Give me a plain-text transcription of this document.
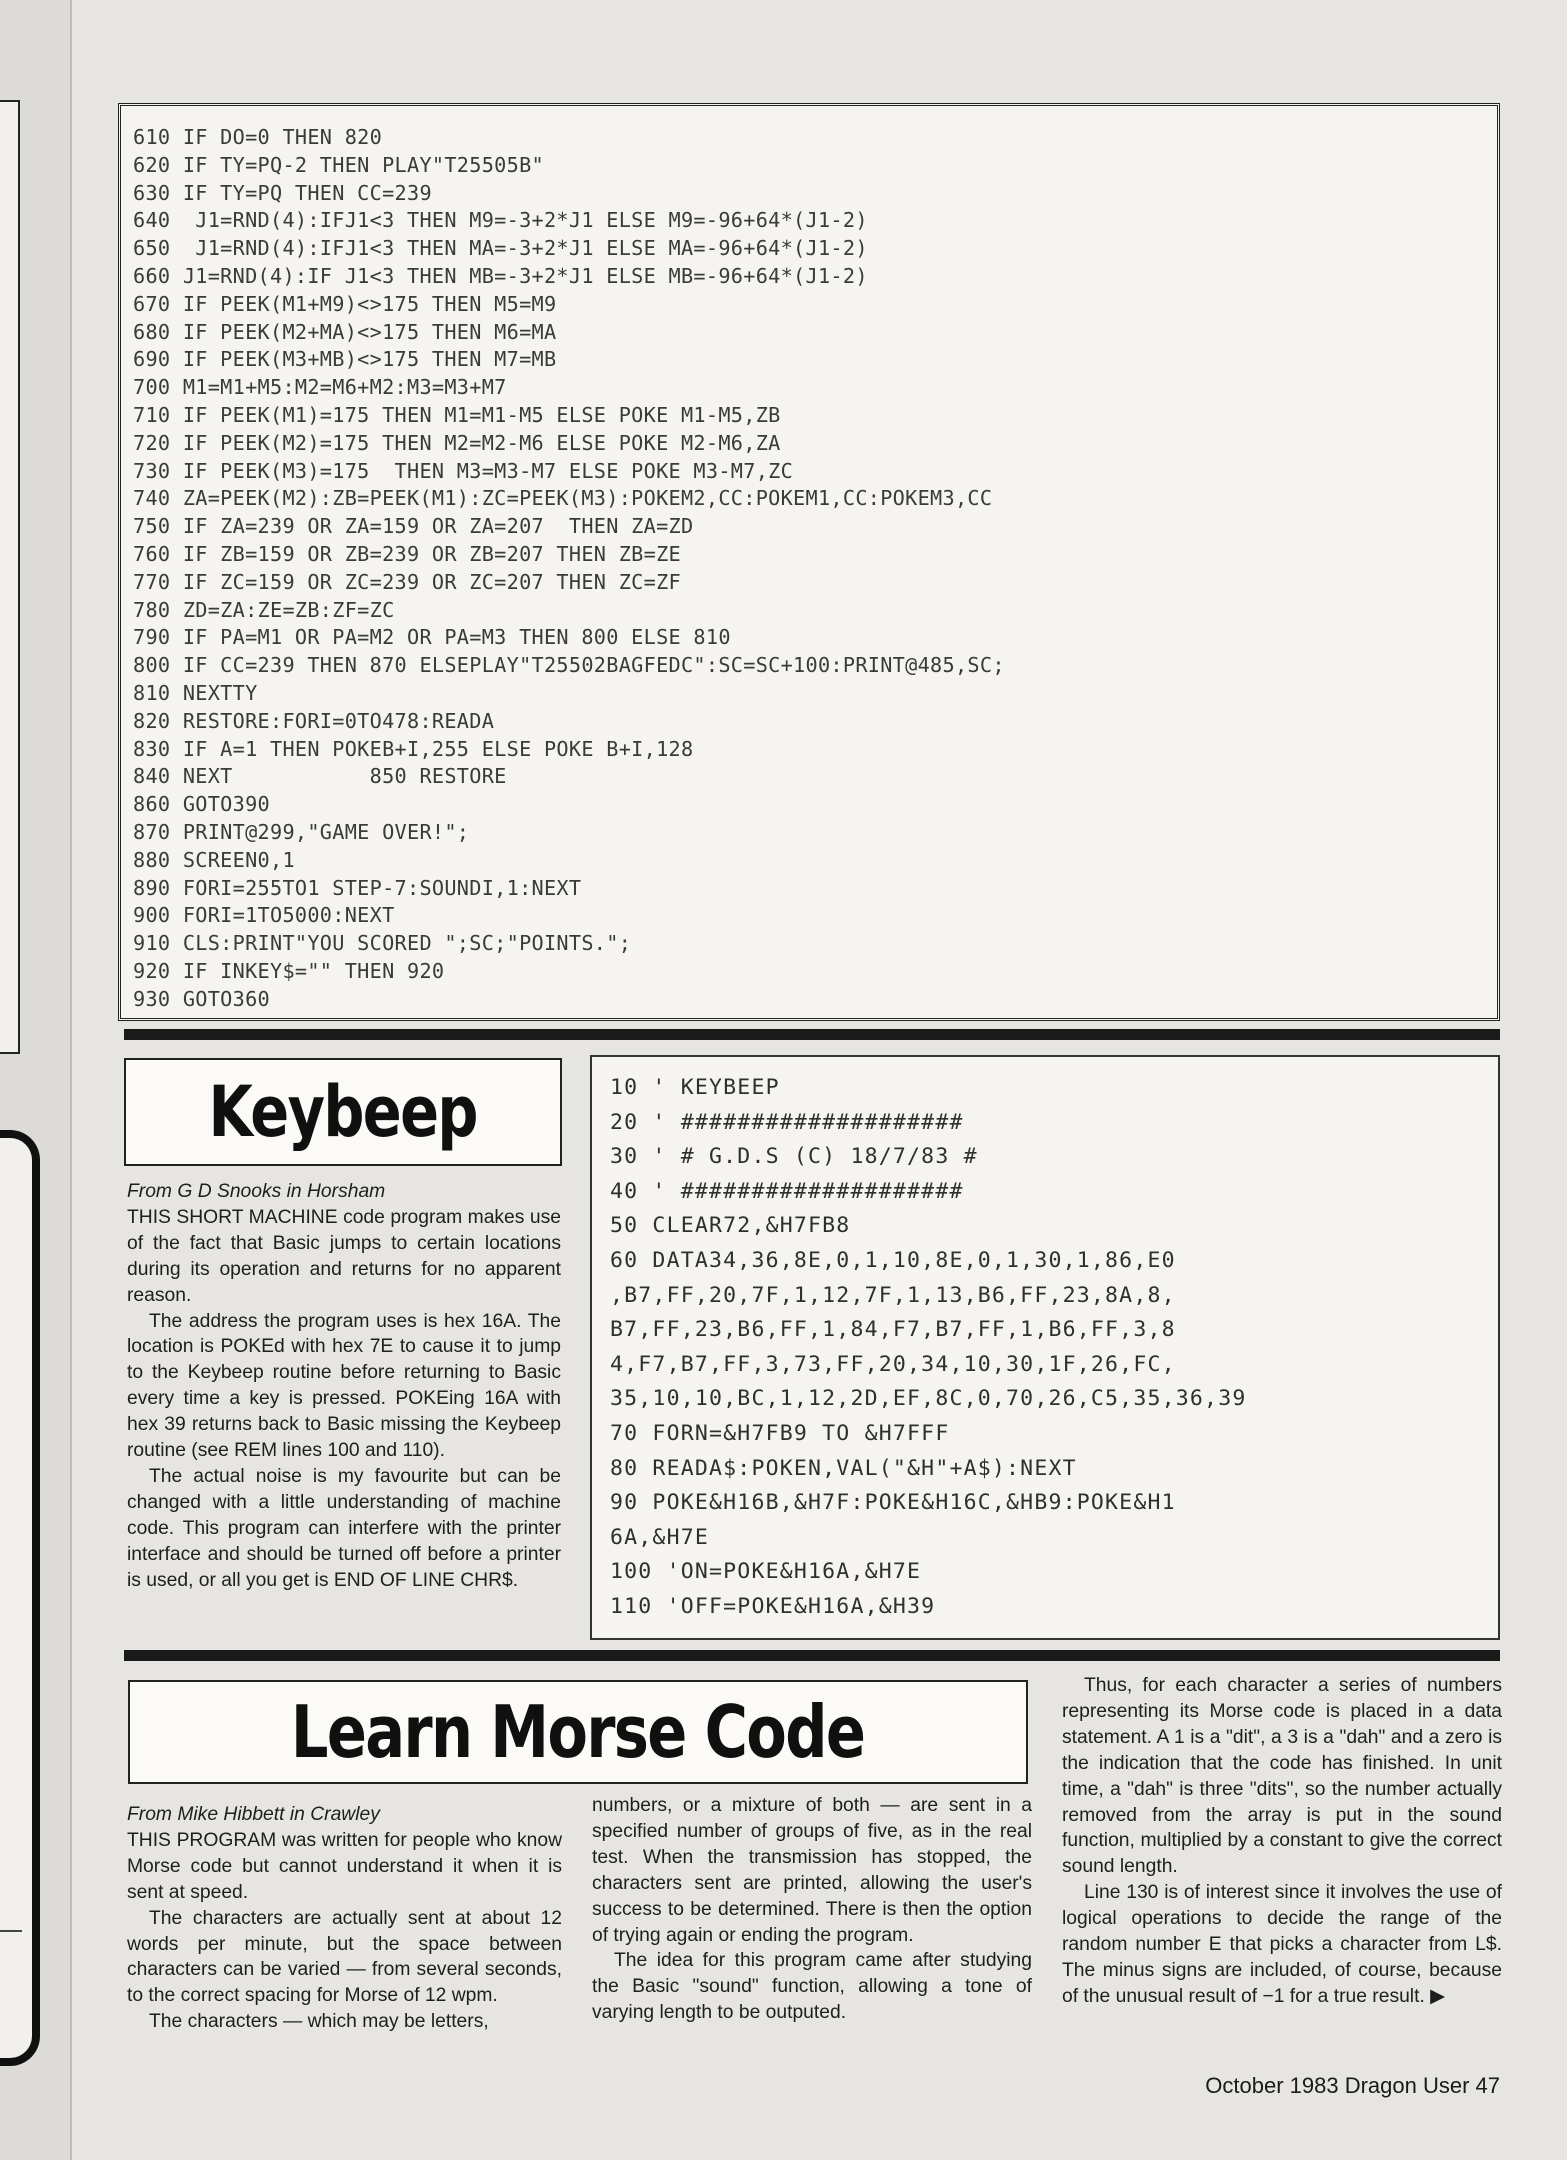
610 IF DO=0 THEN 820
620 IF TY=PQ-2 THEN PLAY"T25505B"
630 IF TY=PQ THEN CC=239
640  J1=RND(4):IFJ1<3 THEN M9=-3+2*J1 ELSE M9=-96+64*(J1-2)
650  J1=RND(4):IFJ1<3 THEN MA=-3+2*J1 ELSE MA=-96+64*(J1-2)
660 J1=RND(4):IF J1<3 THEN MB=-3+2*J1 ELSE MB=-96+64*(J1-2)
670 IF PEEK(M1+M9)<>175 THEN M5=M9
680 IF PEEK(M2+MA)<>175 THEN M6=MA
690 IF PEEK(M3+MB)<>175 THEN M7=MB
700 M1=M1+M5:M2=M6+M2:M3=M3+M7
710 IF PEEK(M1)=175 THEN M1=M1-M5 ELSE POKE M1-M5,ZB
720 IF PEEK(M2)=175 THEN M2=M2-M6 ELSE POKE M2-M6,ZA
730 IF PEEK(M3)=175  THEN M3=M3-M7 ELSE POKE M3-M7,ZC
740 ZA=PEEK(M2):ZB=PEEK(M1):ZC=PEEK(M3):POKEM2,CC:POKEM1,CC:POKEM3,CC
750 IF ZA=239 OR ZA=159 OR ZA=207  THEN ZA=ZD
760 IF ZB=159 OR ZB=239 OR ZB=207 THEN ZB=ZE
770 IF ZC=159 OR ZC=239 OR ZC=207 THEN ZC=ZF
780 ZD=ZA:ZE=ZB:ZF=ZC
790 IF PA=M1 OR PA=M2 OR PA=M3 THEN 800 ELSE 810
800 IF CC=239 THEN 870 ELSEPLAY"T25502BAGFEDC":SC=SC+100:PRINT@485,SC;
810 NEXTTY
820 RESTORE:FORI=0TO478:READA
830 IF A=1 THEN POKEB+I,255 ELSE POKE B+I,128
840 NEXT           850 RESTORE
860 GOTO390
870 PRINT@299,"GAME OVER!";
880 SCREEN0,1
890 FORI=255TO1 STEP-7:SOUNDI,1:NEXT
900 FORI=1TO5000:NEXT
910 CLS:PRINT"YOU SCORED ";SC;"POINTS.";
920 IF INKEY$="" THEN 920
930 GOTO360
Keybeep
From G D Snooks in Horsham

THIS SHORT MACHINE code program makes use of the fact that Basic jumps to certain locations during its operation and returns for no apparent reason.

The address the program uses is hex 16A. The location is POKEd with hex 7E to cause it to jump to the Keybeep routine before returning to Basic every time a key is pressed. POKEing 16A with hex 39 returns back to Basic missing the Keybeep routine (see REM lines 100 and 110).

The actual noise is my favourite but can be changed with a little understanding of machine code. This program can interfere with the printer interface and should be turned off before a printer is used, or all you get is END OF LINE CHR$.

10 ' KEYBEEP
20 ' ####################
30 ' # G.D.S (C) 18/7/83 #
40 ' ####################
50 CLEAR72,&H7FB8
60 DATA34,36,8E,0,1,10,8E,0,1,30,1,86,E0
,B7,FF,20,7F,1,12,7F,1,13,B6,FF,23,8A,8,
B7,FF,23,B6,FF,1,84,F7,B7,FF,1,B6,FF,3,8
4,F7,B7,FF,3,73,FF,20,34,10,30,1F,26,FC,
35,10,10,BC,1,12,2D,EF,8C,0,70,26,C5,35,36,39
70 FORN=&H7FB9 TO &H7FFF
80 READA$:POKEN,VAL("&H"+A$):NEXT
90 POKE&H16B,&H7F:POKE&H16C,&HB9:POKE&H1
6A,&H7E
100 'ON=POKE&H16A,&H7E
110 'OFF=POKE&H16A,&H39
Learn Morse Code
From Mike Hibbett in Crawley

THIS PROGRAM was written for people who know Morse code but cannot understand it when it is sent at speed.

The characters are actually sent at about 12 words per minute, but the space between characters can be varied — from several seconds, to the correct spacing for Morse of 12 wpm.

The characters — which may be letters,

numbers, or a mixture of both — are sent in a specified number of groups of five, as in the real test. When the transmission has stopped, the characters sent are printed, allowing the user's success to be determined. There is then the option of trying again or ending the program.

The idea for this program came after studying the Basic "sound" function, allowing a tone of varying length to be outputed.

Thus, for each character a series of numbers representing its Morse code is placed in a data statement. A 1 is a "dit", a 3 is a "dah" and a zero is the indication that the code has finished. In unit time, a "dah" is three "dits", so the number actually removed from the array is put in the sound function, multiplied by a constant to give the correct sound length.

Line 130 is of interest since it involves the use of logical operations to decide the range of the random number E that picks a character from L$. The minus signs are included, of course, because of the unusual result of −1 for a true result. ▶

October 1983 Dragon User 47
